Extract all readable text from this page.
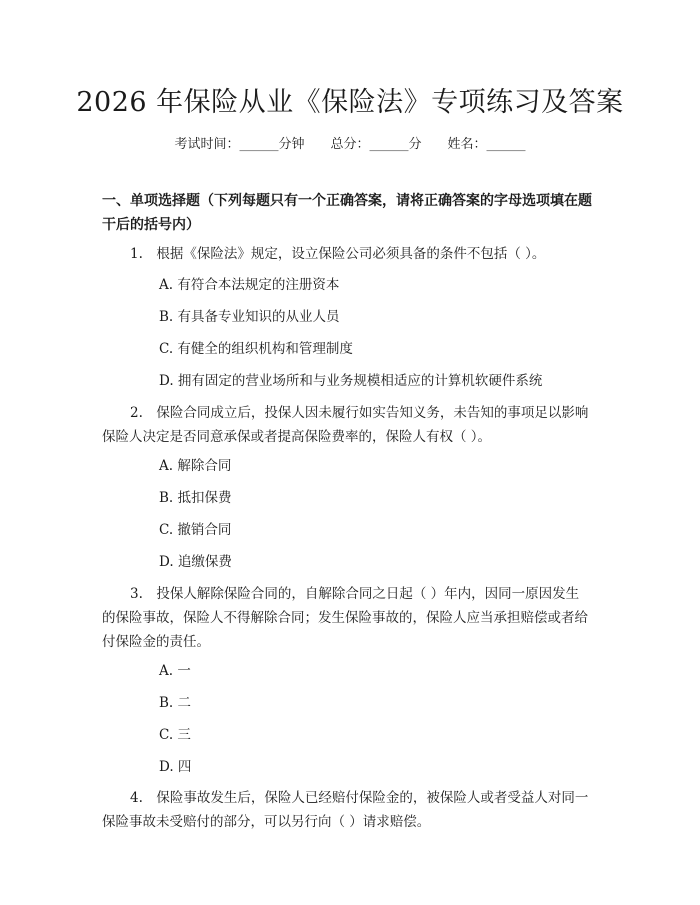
2026 年保险从业《保险法》专项练习及答案
考试时间：______分钟 总分：______分 姓名：______
一、单项选择题（下列每题只有一个正确答案，请将正确答案的字母选项填在题
干后的括号内）
1.　根据《保险法》规定，设立保险公司必须具备的条件不包括（ ）。
A. 有符合本法规定的注册资本
B. 有具备专业知识的从业人员
C. 有健全的组织机构和管理制度
D. 拥有固定的营业场所和与业务规模相适应的计算机软硬件系统
2.　保险合同成立后，投保人因未履行如实告知义务，未告知的事项足以影响
保险人决定是否同意承保或者提高保险费率的，保险人有权（ ）。
A. 解除合同
B. 抵扣保费
C. 撤销合同
D. 追缴保费
3.　投保人解除保险合同的，自解除合同之日起（ ）年内，因同一原因发生
的保险事故，保险人不得解除合同；发生保险事故的，保险人应当承担赔偿或者给
付保险金的责任。
A. 一
B. 二
C. 三
D. 四
4.　保险事故发生后，保险人已经赔付保险金的，被保险人或者受益人对同一
保险事故未受赔付的部分，可以另行向（ ）请求赔偿。
